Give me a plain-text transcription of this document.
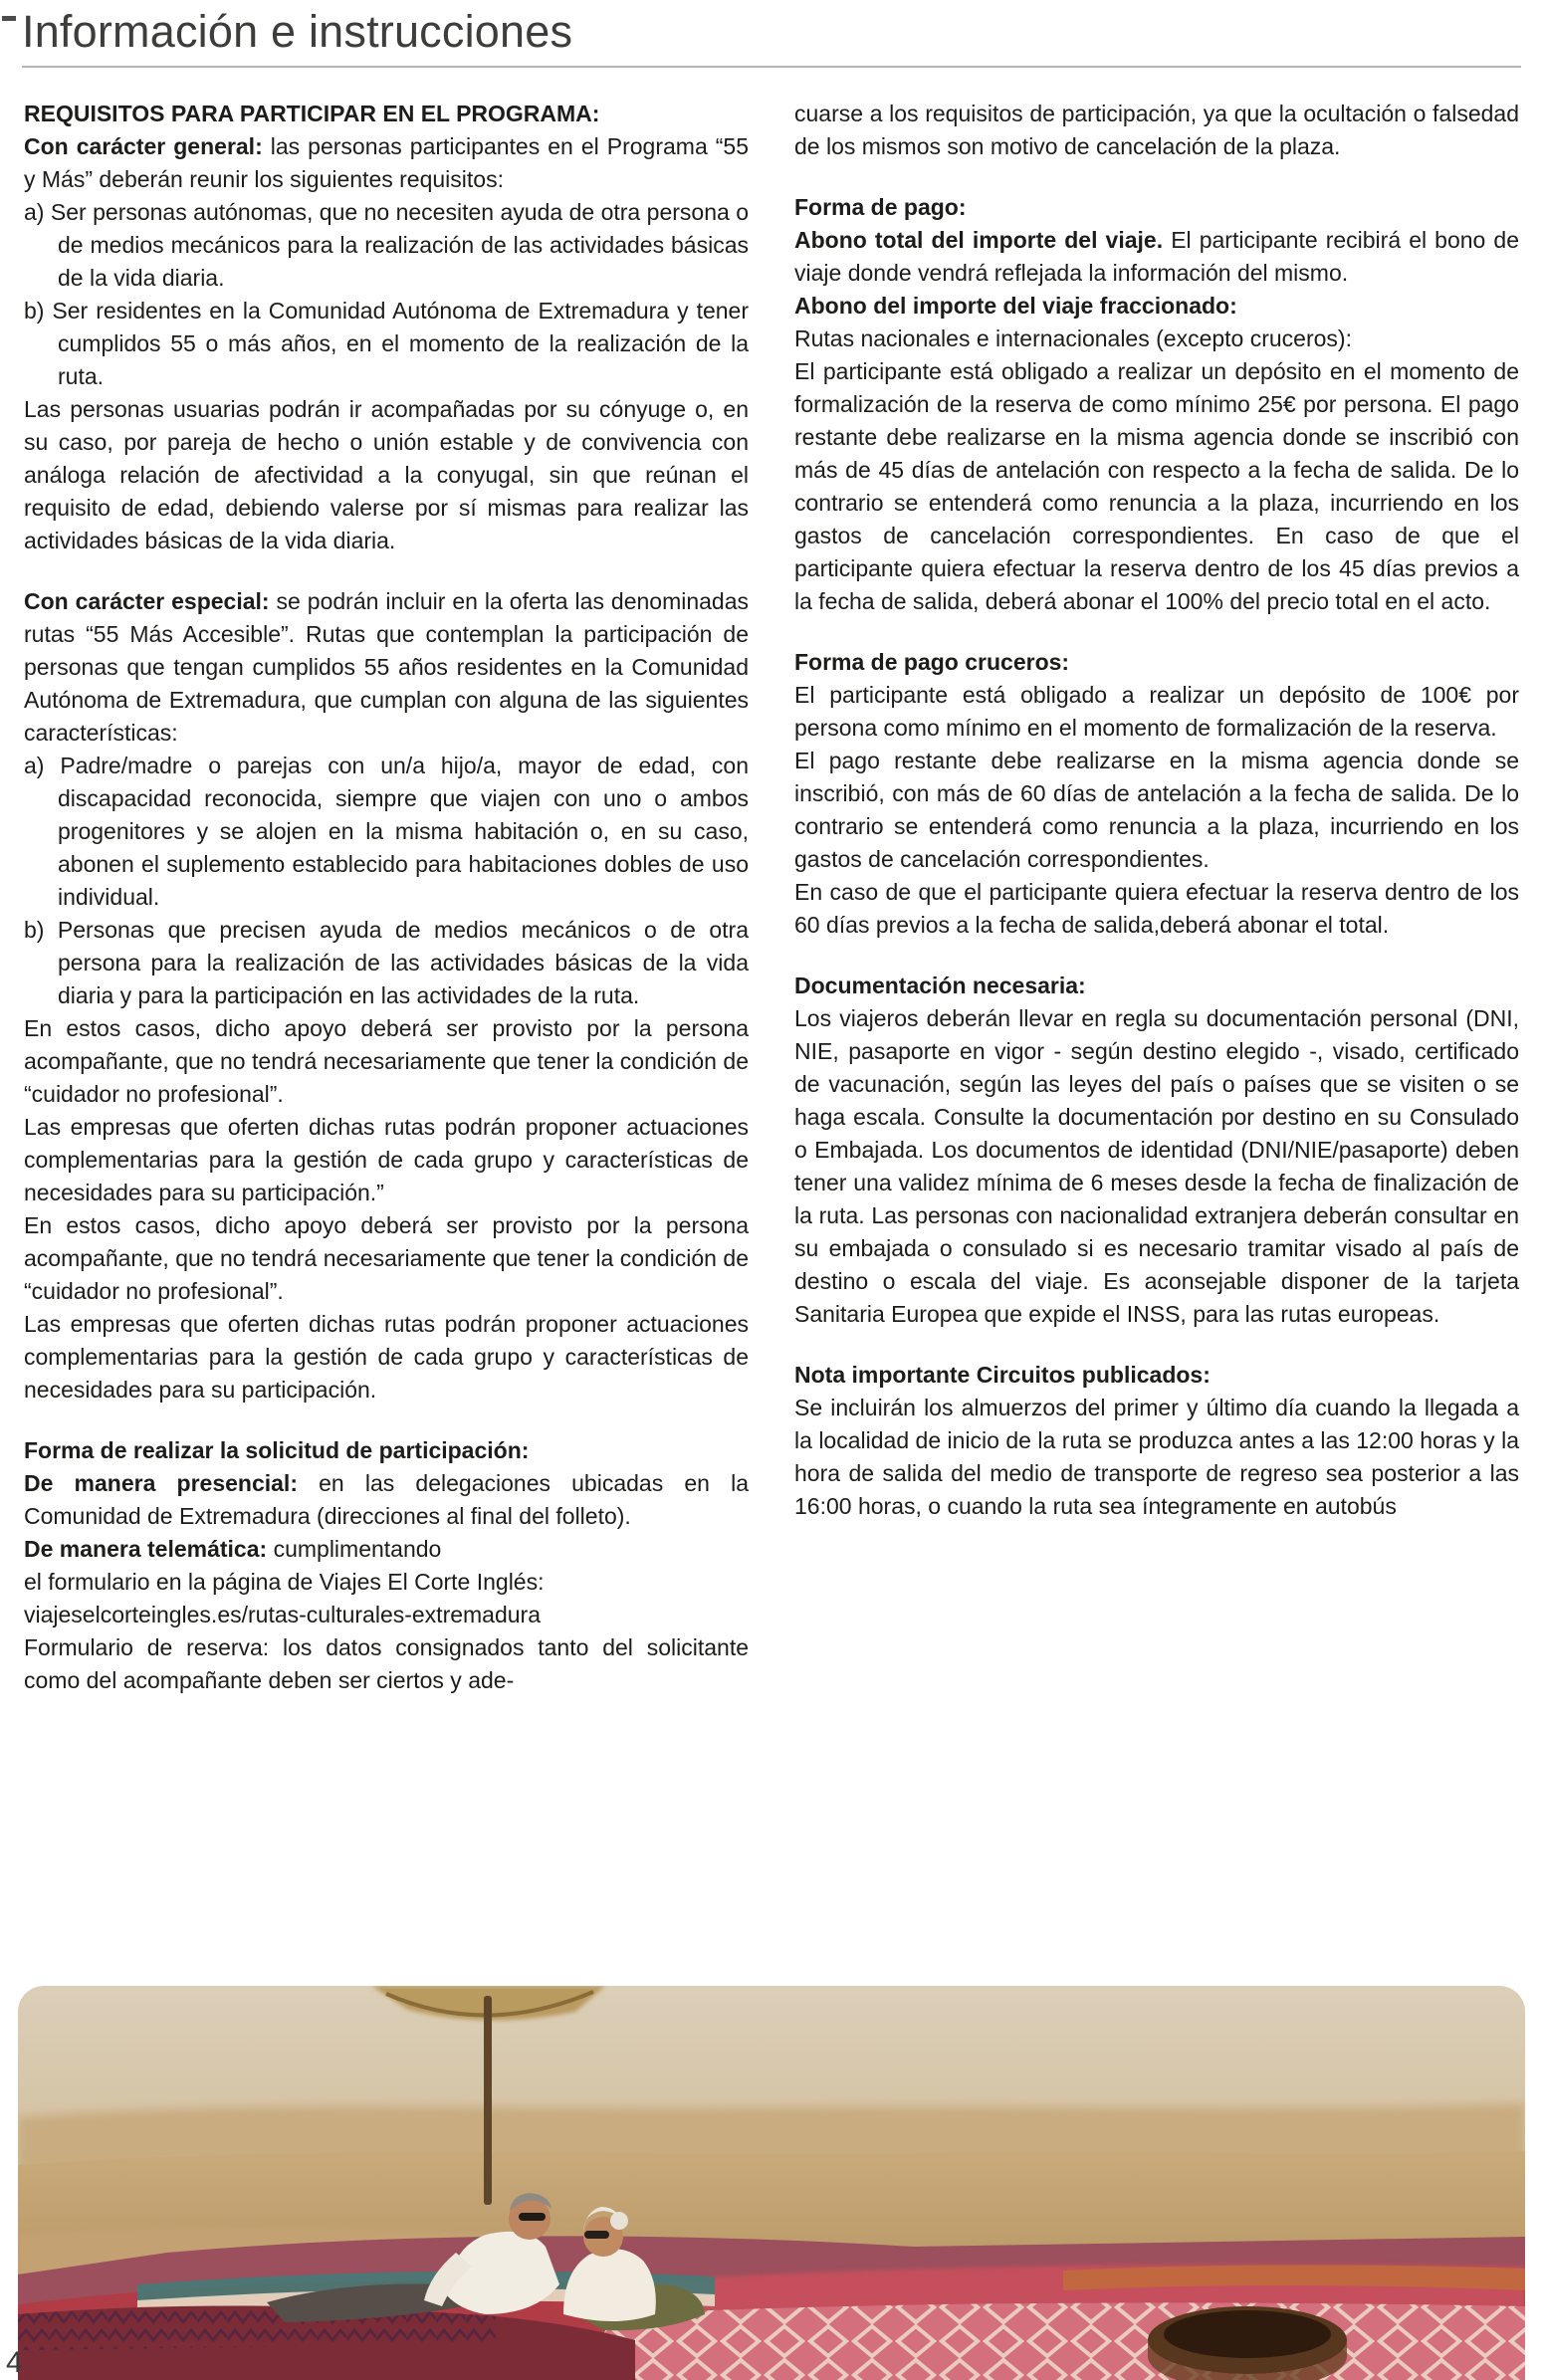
Información e instrucciones

REQUISITOS PARA PARTICIPAR EN EL PROGRAMA:

Con carácter general: las personas participantes en el Programa “55 y Más” deberán reunir los siguientes requisitos:

a) Ser personas autónomas, que no necesiten ayuda de otra persona o de medios mecánicos para la realización de las actividades básicas de la vida diaria.

b) Ser residentes en la Comunidad Autónoma de Extremadura y tener cumplidos 55 o más años, en el momento de la realización de la ruta.

Las personas usuarias podrán ir acompañadas por su cónyuge o, en su caso, por pareja de hecho o unión estable y de convivencia con análoga relación de afectividad a la conyugal, sin que reúnan el requisito de edad, debiendo valerse por sí mismas para realizar las actividades básicas de la vida diaria.

Con carácter especial: se podrán incluir en la oferta las denominadas rutas “55 Más Accesible”. Rutas que contemplan la participación de personas que tengan cumplidos 55 años residentes en la Comunidad Autónoma de Extremadura, que cumplan con alguna de las siguientes características:

a) Padre/madre o parejas con un/a hijo/a, mayor de edad, con discapacidad reconocida, siempre que viajen con uno o ambos progenitores y se alojen en la misma habitación o, en su caso, abonen el suplemento establecido para habitaciones dobles de uso individual.

b) Personas que precisen ayuda de medios mecánicos o de otra persona para la realización de las actividades básicas de la vida diaria y para la participación en las actividades de la ruta.

En estos casos, dicho apoyo deberá ser provisto por la persona acompañante, que no tendrá necesariamente que tener la condición de “cuidador no profesional”.

Las empresas que oferten dichas rutas podrán proponer actuaciones complementarias para la gestión de cada grupo y características de necesidades para su participación.”

En estos casos, dicho apoyo deberá ser provisto por la persona acompañante, que no tendrá necesariamente que tener la condición de “cuidador no profesional”.

Las empresas que oferten dichas rutas podrán proponer actuaciones complementarias para la gestión de cada grupo y características de necesidades para su participación.

Forma de realizar la solicitud de participación:

De manera presencial: en las delegaciones ubicadas en la Comunidad de Extremadura (direcciones al final del folleto).

De manera telemática: cumplimentando

el formulario en la página de Viajes El Corte Inglés:

viajeselcorteingles.es/rutas-culturales-extremadura

Formulario de reserva: los datos consignados tanto del solicitante como del acompañante deben ser ciertos y ade-

cuarse a los requisitos de participación, ya que la ocultación o falsedad de los mismos son motivo de cancelación de la plaza.

Forma de pago:

Abono total del importe del viaje. El participante recibirá el bono de viaje donde vendrá reflejada la información del mismo.

Abono del importe del viaje fraccionado:

Rutas nacionales e internacionales (excepto cruceros):

El participante está obligado a realizar un depósito en el momento de formalización de la reserva de como mínimo 25€ por persona. El pago restante debe realizarse en la misma agencia donde se inscribió con más de 45 días de antelación con respecto a la fecha de salida. De lo contrario se entenderá como renuncia a la plaza, incurriendo en los gastos de cancelación correspondientes. En caso de que el participante quiera efectuar la reserva dentro de los 45 días previos a la fecha de salida, deberá abonar el 100% del precio total en el acto.

Forma de pago cruceros:

El participante está obligado a realizar un depósito de 100€ por persona como mínimo en el momento de formalización de la reserva.

El pago restante debe realizarse en la misma agencia donde se inscribió, con más de 60 días de antelación a la fecha de salida. De lo contrario se entenderá como renuncia a la plaza, incurriendo en los gastos de cancelación correspondientes.

En caso de que el participante quiera efectuar la reserva dentro de los 60 días previos a la fecha de salida,deberá abonar el total.

Documentación necesaria:

Los viajeros deberán llevar en regla su documentación personal (DNI, NIE, pasaporte en vigor - según destino elegido -, visado, certificado de vacunación, según las leyes del país o países que se visiten o se haga escala. Consulte la documentación por destino en su Consulado o Embajada. Los documentos de identidad (DNI/NIE/pasaporte) deben tener una validez mínima de 6 meses desde la fecha de finalización de la ruta. Las personas con nacionalidad extranjera deberán consultar en su embajada o consulado si es necesario tramitar visado al país de destino o escala del viaje. Es aconsejable disponer de la tarjeta Sanitaria Europea que expide el INSS, para las rutas europeas.

Nota importante Circuitos publicados:

Se incluirán los almuerzos del primer y último día cuando la llegada a la localidad de inicio de la ruta se produzca antes a las 12:00 horas y la hora de salida del medio de transporte de regreso sea posterior a las 16:00 horas, o cuando la ruta sea íntegramente en autobús

4
